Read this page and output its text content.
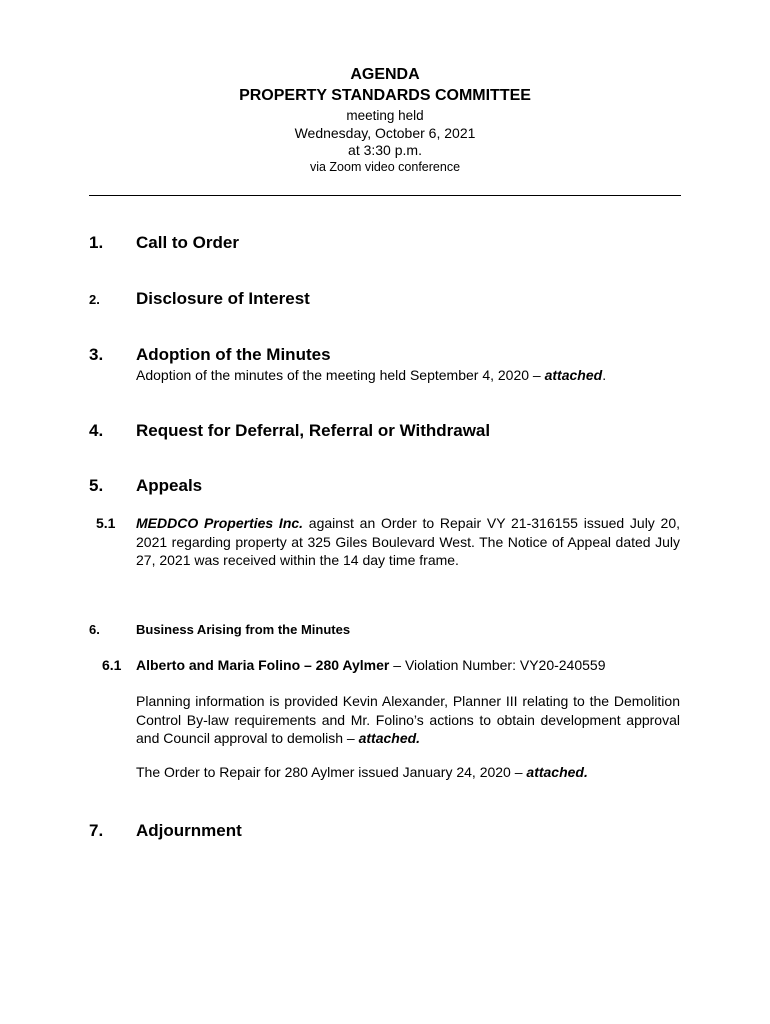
AGENDA
PROPERTY STANDARDS COMMITTEE
meeting held
Wednesday, October 6, 2021
at 3:30 p.m.
via Zoom video conference
1. Call to Order
2. Disclosure of Interest
3. Adoption of the Minutes
Adoption of the minutes of the meeting held September 4, 2020 – attached.
4. Request for Deferral, Referral or Withdrawal
5. Appeals
5.1 MEDDCO Properties Inc. against an Order to Repair VY 21-316155 issued July 20, 2021 regarding property at 325 Giles Boulevard West. The Notice of Appeal dated July 27, 2021 was received within the 14 day time frame.
6.	Business Arising from the Minutes
6.1 Alberto and Maria Folino – 280 Aylmer – Violation Number: VY20-240559
Planning information is provided Kevin Alexander, Planner III relating to the Demolition Control By-law requirements and Mr. Folino’s actions to obtain development approval and Council approval to demolish – attached.
The Order to Repair for 280 Aylmer issued January 24, 2020 – attached.
7. Adjournment
